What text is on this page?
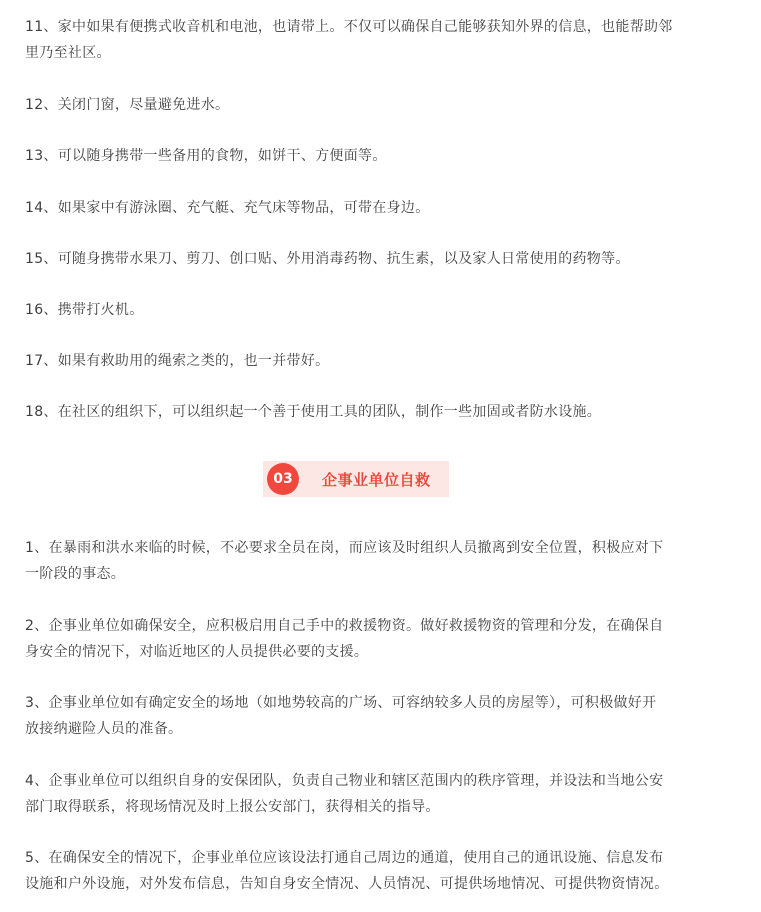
11、家中如果有便携式收音机和电池，也请带上。不仅可以确保自己能够获知外界的信息，也能帮助邻
里乃至社区。

12、关闭门窗，尽量避免进水。

13、可以随身携带一些备用的食物，如饼干、方便面等。

14、如果家中有游泳圈、充气艇、充气床等物品，可带在身边。

15、可随身携带水果刀、剪刀、创口贴、外用消毒药物、抗生素，以及家人日常使用的药物等。

16、携带打火机。

17、如果有救助用的绳索之类的，也一并带好。

18、在社区的组织下，可以组织起一个善于使用工具的团队，制作一些加固或者防水设施。

03	企事业单位自救

1、在暴雨和洪水来临的时候，不必要求全员在岗，而应该及时组织人员撤离到安全位置，积极应对下
一阶段的事态。

2、企事业单位如确保安全，应积极启用自己手中的救援物资。做好救援物资的管理和分发，在确保自
身安全的情况下，对临近地区的人员提供必要的支援。

3、企事业单位如有确定安全的场地（如地势较高的广场、可容纳较多人员的房屋等），可积极做好开
放接纳避险人员的准备。

4、企事业单位可以组织自身的安保团队，负责自己物业和辖区范围内的秩序管理，并设法和当地公安
部门取得联系，将现场情况及时上报公安部门，获得相关的指导。

5、在确保安全的情况下，企事业单位应该设法打通自己周边的通道，使用自己的通讯设施、信息发布
设施和户外设施，对外发布信息，告知自身安全情况、人员情况、可提供场地情况、可提供物资情况。
